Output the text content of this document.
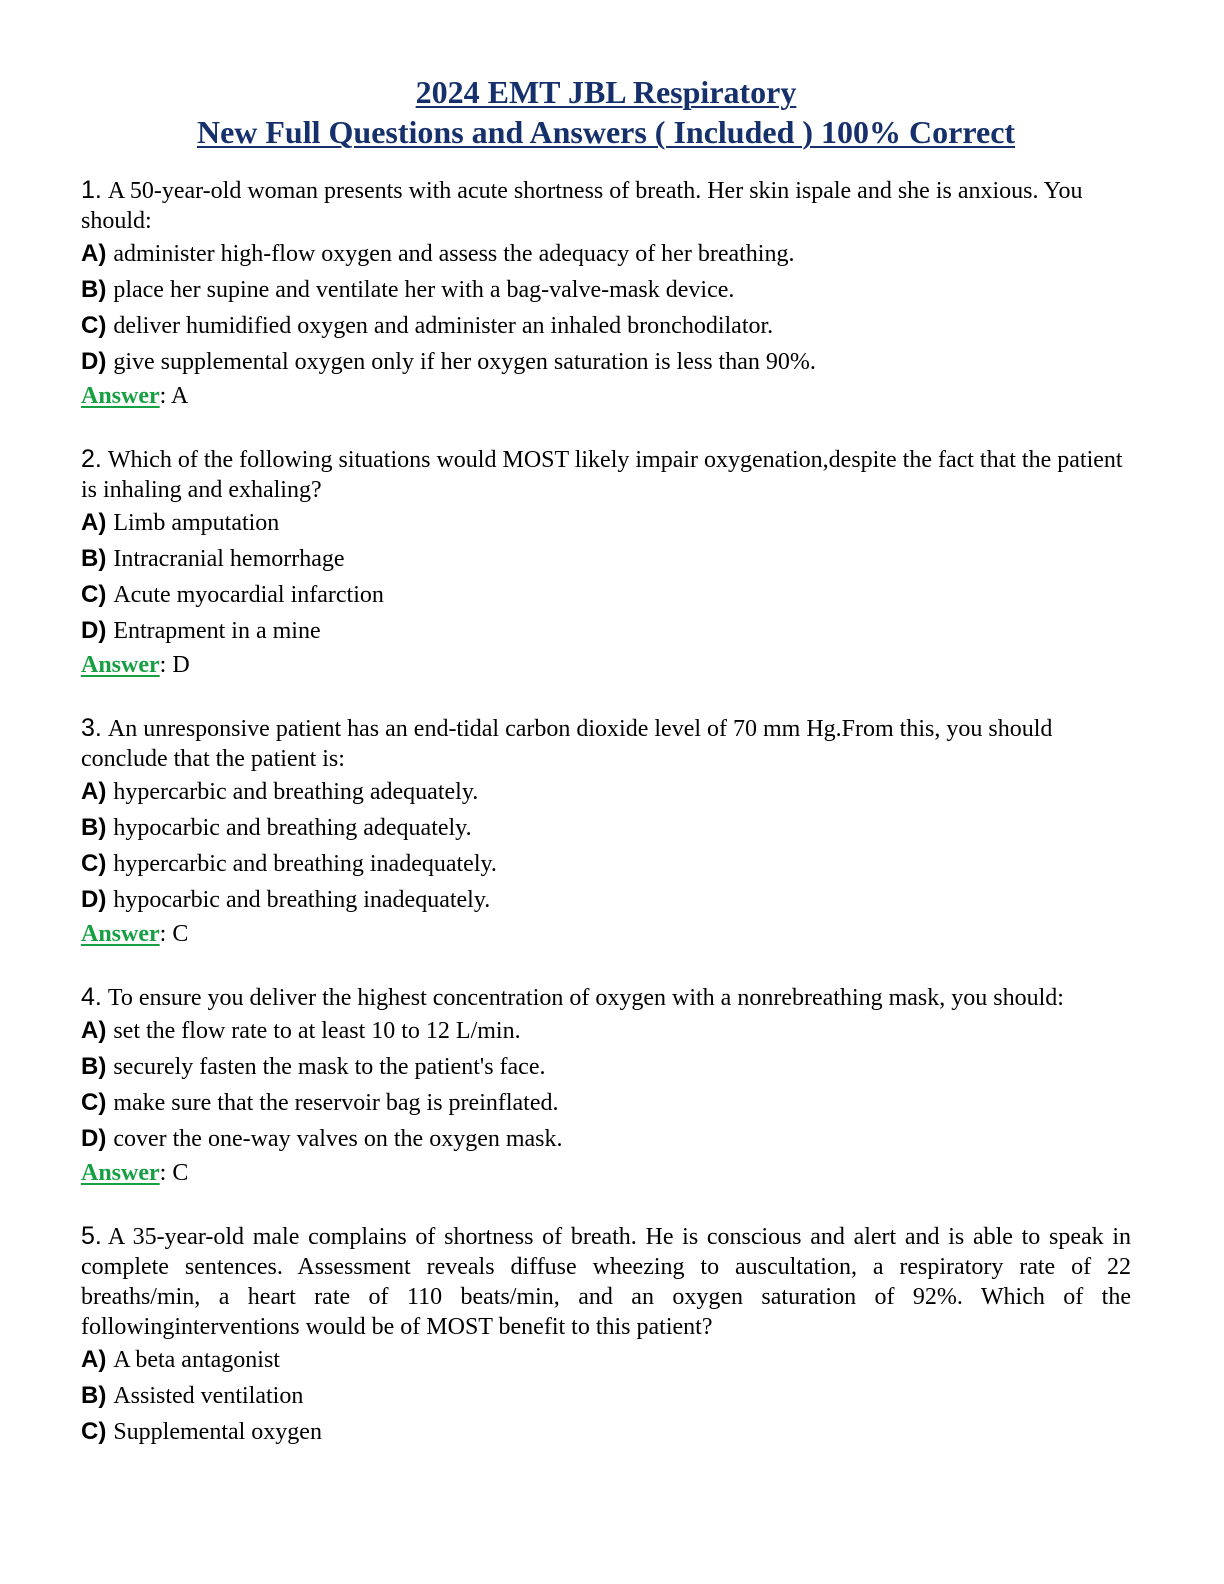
2024 EMT JBL Respiratory
New Full Questions and Answers ( Included ) 100% Correct
1. A 50-year-old woman presents with acute shortness of breath. Her skin ispale and she is anxious. You should:
A) administer high-flow oxygen and assess the adequacy of her breathing.
B) place her supine and ventilate her with a bag-valve-mask device.
C) deliver humidified oxygen and administer an inhaled bronchodilator.
D) give supplemental oxygen only if her oxygen saturation is less than 90%.
Answer: A
2. Which of the following situations would MOST likely impair oxygenation,despite the fact that the patient is inhaling and exhaling?
A) Limb amputation
B) Intracranial hemorrhage
C) Acute myocardial infarction
D) Entrapment in a mine
Answer: D
3. An unresponsive patient has an end-tidal carbon dioxide level of 70 mm Hg.From this, you should conclude that the patient is:
A) hypercarbic and breathing adequately.
B) hypocarbic and breathing adequately.
C) hypercarbic and breathing inadequately.
D) hypocarbic and breathing inadequately.
Answer: C
4. To ensure you deliver the highest concentration of oxygen with a nonrebreathing mask, you should:
A) set the flow rate to at least 10 to 12 L/min.
B) securely fasten the mask to the patient's face.
C) make sure that the reservoir bag is preinflated.
D) cover the one-way valves on the oxygen mask.
Answer: C
5. A 35-year-old male complains of shortness of breath. He is conscious and alert and is able to speak in complete sentences. Assessment reveals diffuse wheezing to auscultation, a respiratory rate of 22 breaths/min, a heart rate of 110 beats/min, and an oxygen saturation of 92%. Which of the followinginterventions would be of MOST benefit to this patient?
A) A beta antagonist
B) Assisted ventilation
C) Supplemental oxygen
